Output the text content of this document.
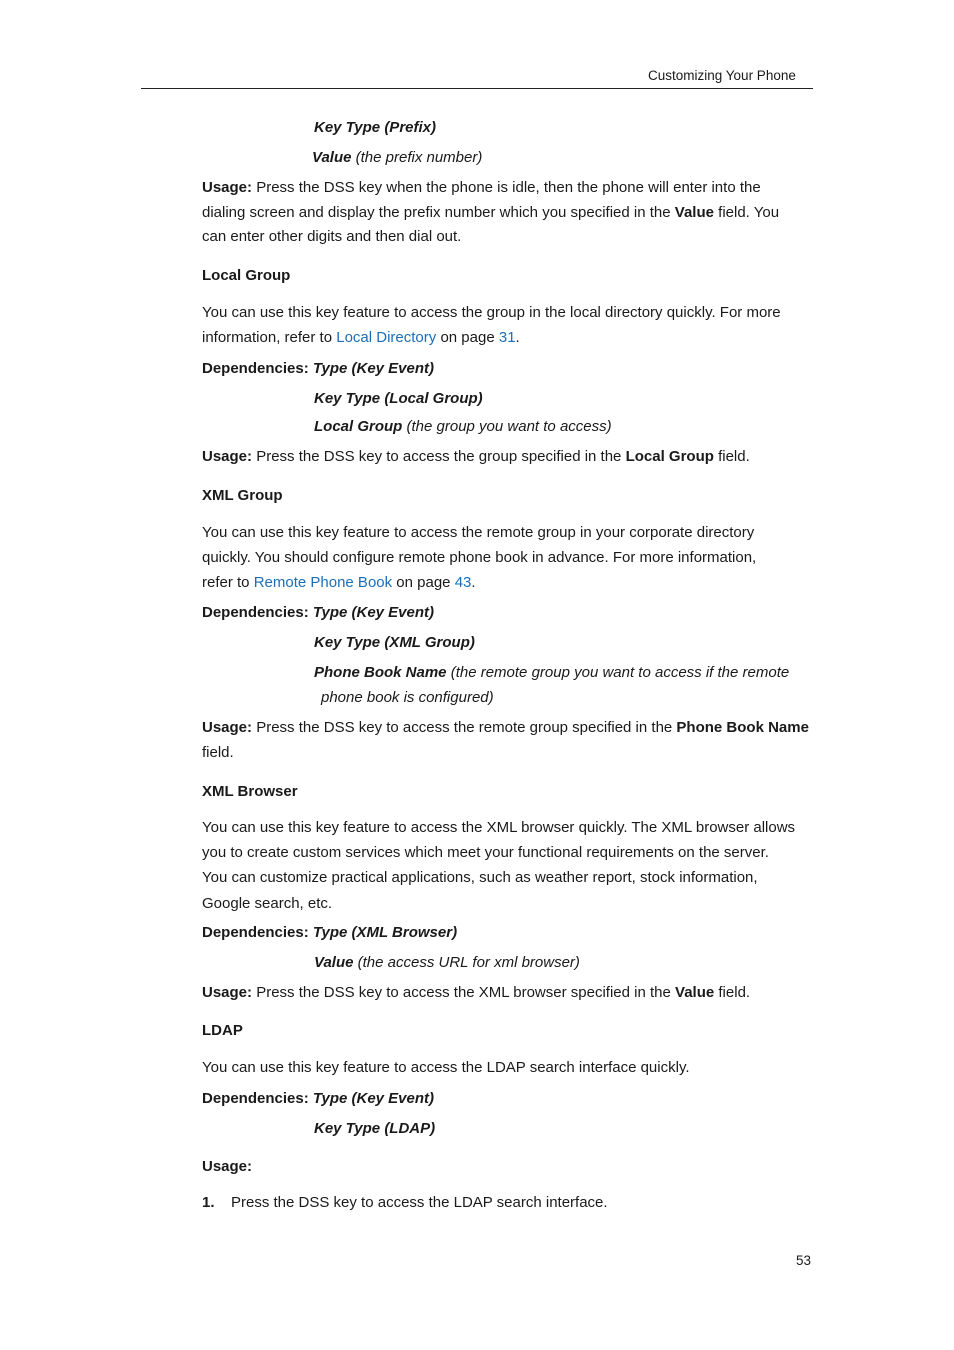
Customizing Your Phone
Key Type (Prefix)
Value (the prefix number)
Usage: Press the DSS key when the phone is idle, then the phone will enter into the
dialing screen and display the prefix number which you specified in the Value field. You
can enter other digits and then dial out.
Local Group
You can use this key feature to access the group in the local directory quickly. For more
information, refer to Local Directory on page 31.
Dependencies: Type (Key Event)
Key Type (Local Group)
Local Group (the group you want to access)
Usage: Press the DSS key to access the group specified in the Local Group field.
XML Group
You can use this key feature to access the remote group in your corporate directory
quickly. You should configure remote phone book in advance. For more information,
refer to Remote Phone Book on page 43.
Dependencies: Type (Key Event)
Key Type (XML Group)
Phone Book Name (the remote group you want to access if the remote
phone book is configured)
Usage: Press the DSS key to access the remote group specified in the Phone Book Name
field.
XML Browser
You can use this key feature to access the XML browser quickly. The XML browser allows
you to create custom services which meet your functional requirements on the server.
You can customize practical applications, such as weather report, stock information,
Google search, etc.
Dependencies: Type (XML Browser)
Value (the access URL for xml browser)
Usage: Press the DSS key to access the XML browser specified in the Value field.
LDAP
You can use this key feature to access the LDAP search interface quickly.
Dependencies: Type (Key Event)
Key Type (LDAP)
Usage:
1. Press the DSS key to access the LDAP search interface.
53
